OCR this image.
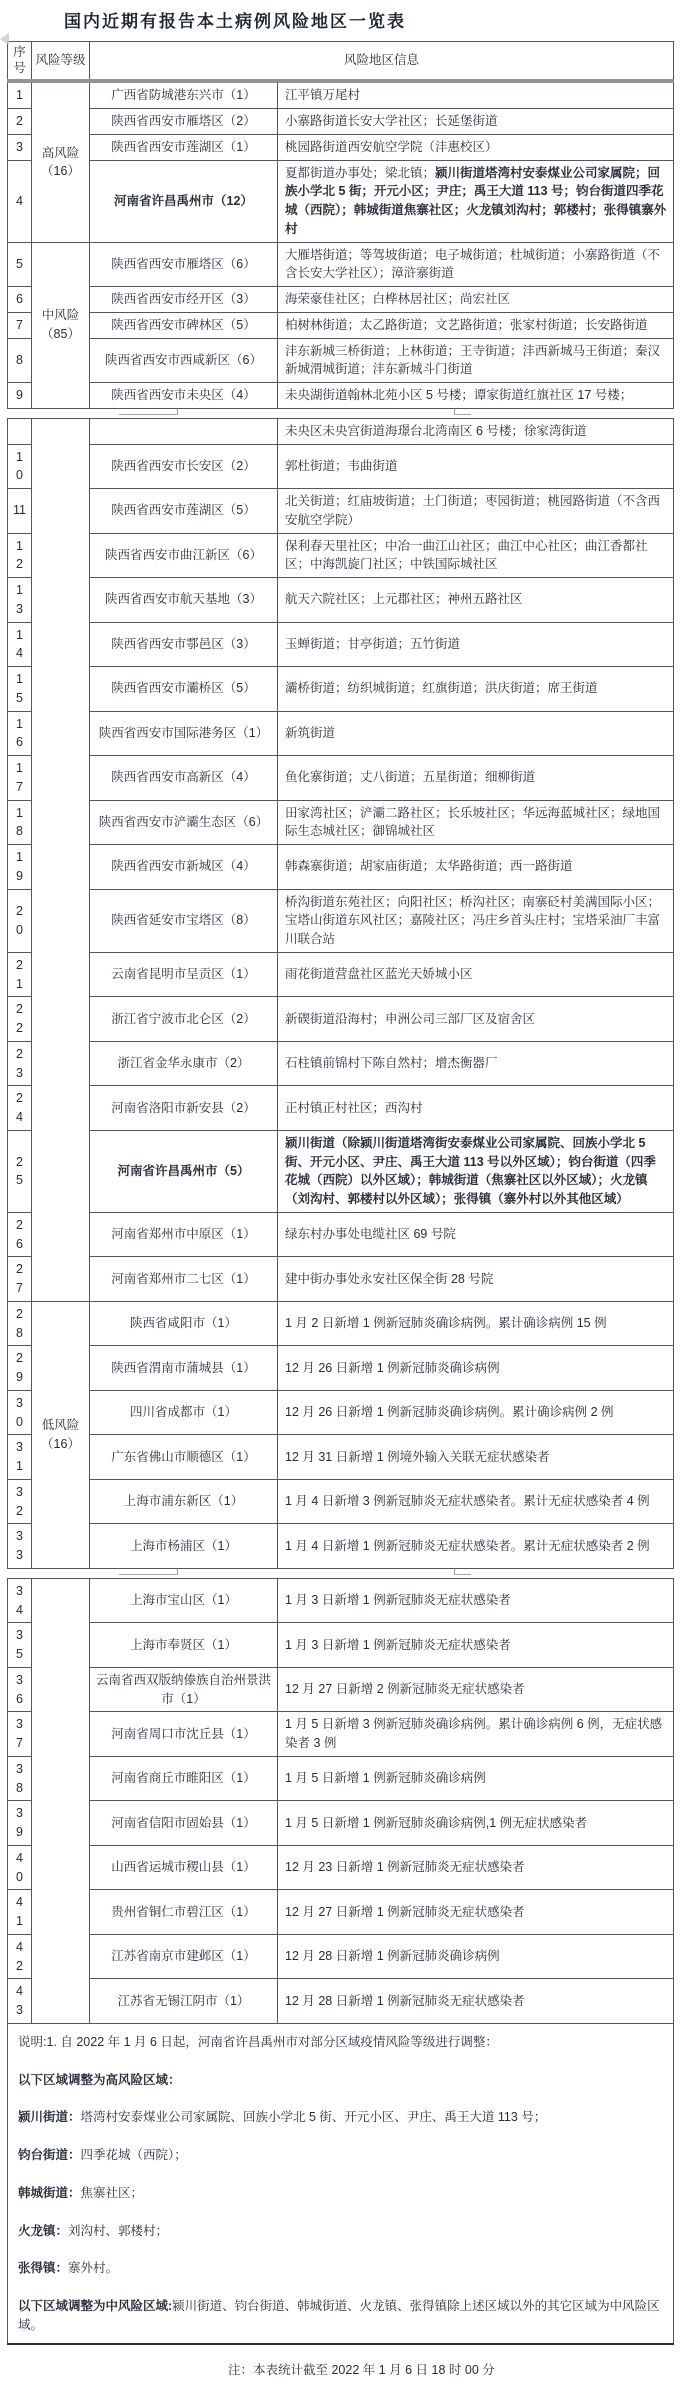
国内近期有报告本土病例风险地区一览表
序号	风险等级	风险地区信息	
1	高风险（16）	广西省防城港东兴市（1）	江平镇万尾村
2		陕西省西安市雁塔区（2）	小寨路街道长安大学社区；长延堡街道
3		陕西省西安市莲湖区（1）	桃园路街道西安航空学院（沣惠校区）
4		河南省许昌禹州市（12）	夏都街道办事处；梁北镇；颍川街道塔湾村安泰煤业公司家属院；回族小学北 5 街；开元小区；尹庄；禹王大道 113 号；钧台街道四季花城（西院）；韩城街道焦寨社区；火龙镇刘沟村；郭楼村；张得镇寨外村
5	中风险（85）	陕西省西安市雁塔区（6）	大雁塔街道；等驾坡街道；电子城街道；杜城街道；小寨路街道（不含长安大学社区）；漳浒寨街道
6		陕西省西安市经开区（3）	海荣豪佳社区；白桦林居社区；尚宏社区
7		陕西省西安市碑林区（5）	柏树林街道；太乙路街道；文艺路街道；张家村街道；长安路街道
8		陕西省西安市西咸新区（6）	沣东新城三桥街道；上林街道；王寺街道；沣西新城马王街道；秦汉新城渭城街道；沣东新城斗门街道
9		陕西省西安市未央区（4）	未央湖街道翰林北苑小区 5 号楼；谭家街道红旗社区 17 号楼；
			未央区未央宫街道海璟台北湾南区 6 号楼；徐家湾街道
10		陕西省西安市长安区（2）	郭杜街道；韦曲街道
11		陕西省西安市莲湖区（5）	北关街道；红庙坡街道；土门街道；枣园街道；桃园路街道（不含西安航空学院）
12		陕西省西安市曲江新区（6）	保利春天里社区；中冶一曲江山社区；曲江中心社区；曲江香都社区；中海凯旋门社区；中铁国际城社区
13		陕西省西安市航天基地（3）	航天六院社区；上元郡社区；神州五路社区
14		陕西省西安市鄠邑区（3）	玉蝉街道；甘亭街道；五竹街道
15		陕西省西安市灞桥区（5）	灞桥街道；纺织城街道；红旗街道；洪庆街道；席王街道
16		陕西省西安市国际港务区（1）	新筑街道
17		陕西省西安市高新区（4）	鱼化寨街道；丈八街道；五星街道；细柳街道
18		陕西省西安市浐灞生态区（6）	田家湾社区；浐灞二路社区；长乐坡社区；华远海蓝城社区；绿地国际生态城社区；御锦城社区
19		陕西省西安市新城区（4）	韩森寨街道；胡家庙街道；太华路街道；西一路街道
20		陕西省延安市宝塔区（8）	桥沟街道东苑社区；向阳社区；桥沟社区；南寨砭村美满国际小区；宝塔山街道东风社区；嘉陵社区；冯庄乡首头庄村；宝塔采油厂丰富川联合站
21		云南省昆明市呈贡区（1）	雨花街道营盘社区蓝光天娇城小区
22		浙江省宁波市北仑区（2）	新碶街道沿海村；申洲公司三部厂区及宿舍区
23		浙江省金华永康市（2）	石柱镇前锦村下陈自然村；增杰衡器厂
24		河南省洛阳市新安县（2）	正村镇正村社区；西沟村
25		河南省许昌禹州市（5）	颍川街道（除颍川街道塔湾街安泰煤业公司家属院、回族小学北 5 街、开元小区、尹庄、禹王大道 113 号以外区域）；钧台街道（四季花城（西院）以外区域）；韩城街道（焦寨社区以外区域）；火龙镇（刘沟村、郭楼村以外区域）；张得镇（寨外村以外其他区域）
26		河南省郑州市中原区（1）	绿东村办事处电缆社区 69 号院
27		河南省郑州市二七区（1）	建中街办事处永安社区保全街 28 号院
28	低风险（16）	陕西省咸阳市（1）	1 月 2 日新增 1 例新冠肺炎确诊病例。累计确诊病例 15 例
29		陕西省渭南市蒲城县（1）	12 月 26 日新增 1 例新冠肺炎确诊病例
30		四川省成都市（1）	12 月 26 日新增 1 例新冠肺炎确诊病例。累计确诊病例 2 例
31		广东省佛山市顺德区（1）	12 月 31 日新增 1 例境外输入关联无症状感染者
32		上海市浦东新区（1）	1 月 4 日新增 3 例新冠肺炎无症状感染者。累计无症状感染者 4 例
33		上海市杨浦区（1）	1 月 4 日新增 1 例新冠肺炎无症状感染者。累计无症状感染者 2 例
34		上海市宝山区（1）	1 月 3 日新增 1 例新冠肺炎无症状感染者
35		上海市奉贤区（1）	1 月 3 日新增 1 例新冠肺炎无症状感染者
36		云南省西双版纳傣族自治州景洪市（1）	12 月 27 日新增 2 例新冠肺炎无症状感染者
37		河南省周口市沈丘县（1）	1 月 5 日新增 3 例新冠肺炎确诊病例。累计确诊病例 6 例，无症状感染者 3 例
38		河南省商丘市睢阳区（1）	1 月 5 日新增 1 例新冠肺炎确诊病例
39		河南省信阳市固始县（1）	1 月 5 日新增 1 例新冠肺炎确诊病例,1 例无症状感染者
40		山西省运城市稷山县（1）	12 月 23 日新增 1 例新冠肺炎无症状感染者
41		贵州省铜仁市碧江区（1）	12 月 27 日新增 1 例新冠肺炎无症状感染者
42		江苏省南京市建邺区（1）	12 月 28 日新增 1 例新冠肺炎确诊病例
43		江苏省无锡江阴市（1）	12 月 28 日新增 1 例新冠肺炎无症状感染者

说明:1. 自 2022 年 1 月 6 日起，河南省许昌禹州市对部分区域疫情风险等级进行调整：

以下区域调整为高风险区域：

颍川街道：塔湾村安泰煤业公司家属院、回族小学北 5 街、开元小区、尹庄、禹王大道 113 号；

钧台街道：四季花城（西院）；

韩城街道：焦寨社区；

火龙镇：刘沟村、郭楼村；

张得镇：寨外村。

以下区域调整为中风险区域:颍川街道、钧台街道、韩城街道、火龙镇、张得镇除上述区域以外的其它区域为中风险区域。

注：本表统计截至 2022 年 1 月 6 日 18 时 00 分
